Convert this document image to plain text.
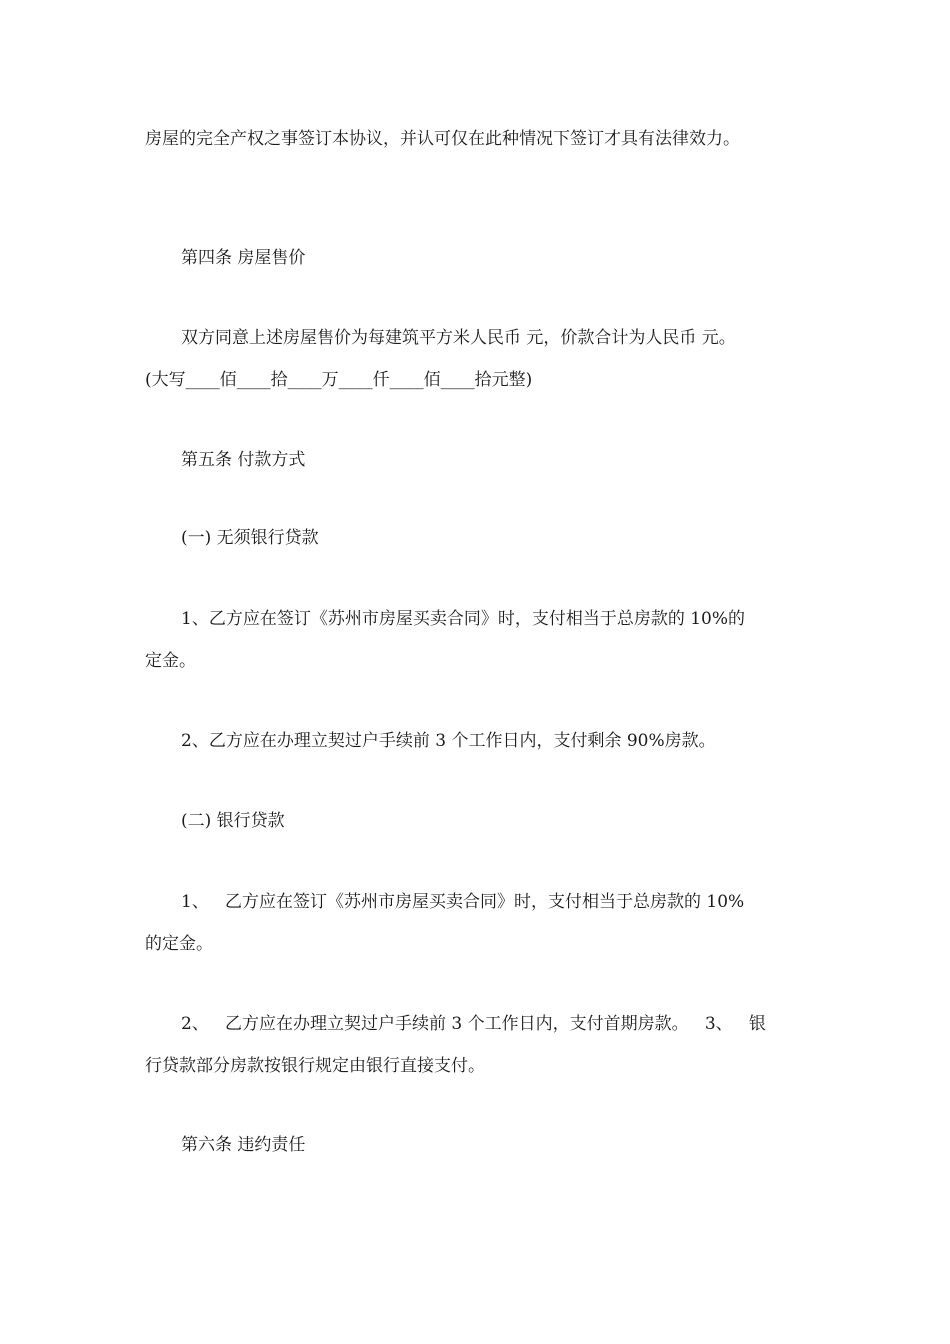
房屋的完全产权之事签订本协议，并认可仅在此种情况下签订才具有法律效力。

第四条 房屋售价

双方同意上述房屋售价为每建筑平方米人民币 元，价款合计为人民币 元。

(大写____佰____拾____万____仟____佰____拾元整)

第五条 付款方式

(一) 无须银行贷款

1、乙方应在签订《苏州市房屋买卖合同》时，支付相当于总房款的 10%的

定金。

2、乙方应在办理立契过户手续前 3 个工作日内，支付剩余 90%房款。

(二) 银行贷款

1、   乙方应在签订《苏州市房屋买卖合同》时，支付相当于总房款的 10%

的定金。

2、   乙方应在办理立契过户手续前 3 个工作日内，支付首期房款。   3、   银

行贷款部分房款按银行规定由银行直接支付。

第六条 违约责任
